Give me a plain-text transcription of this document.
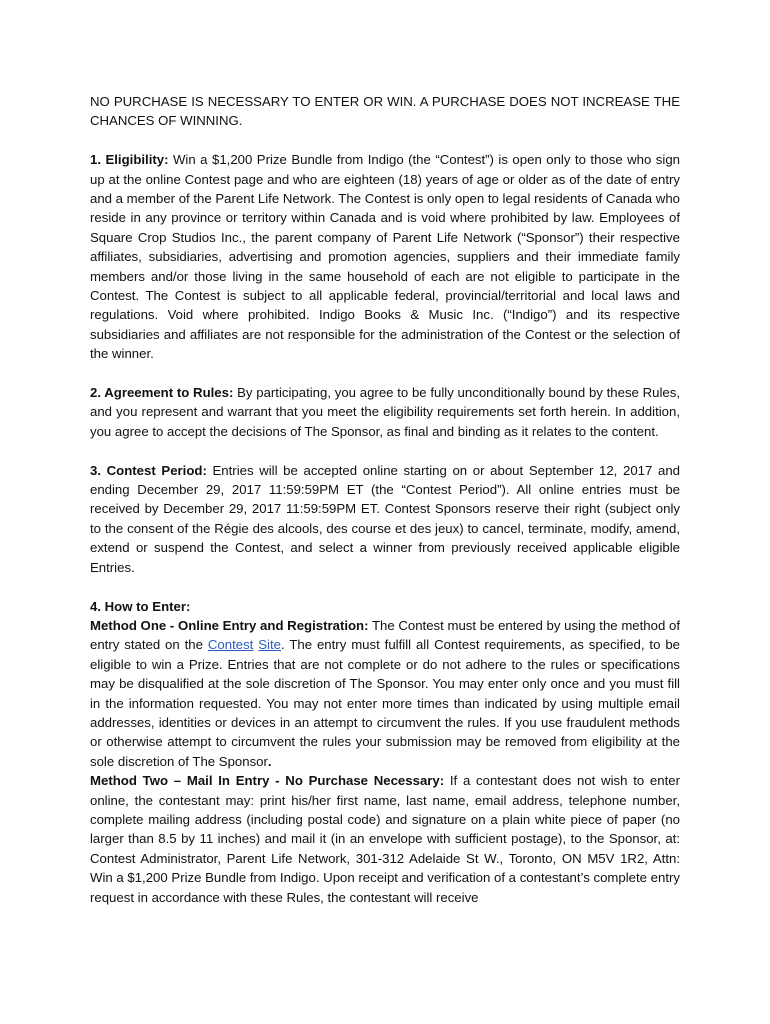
NO PURCHASE IS NECESSARY TO ENTER OR WIN. A PURCHASE DOES NOT INCREASE THE CHANCES OF WINNING.

1. Eligibility: Win a $1,200 Prize Bundle from Indigo (the “Contest”) is open only to those who sign up at the online Contest page and who are eighteen (18) years of age or older as of the date of entry and a member of the Parent Life Network. The Contest is only open to legal residents of Canada who reside in any province or territory within Canada and is void where prohibited by law. Employees of Square Crop Studios Inc., the parent company of Parent Life Network (“Sponsor”) their respective affiliates, subsidiaries, advertising and promotion agencies, suppliers and their immediate family members and/or those living in the same household of each are not eligible to participate in the Contest. The Contest is subject to all applicable federal, provincial/territorial and local laws and regulations. Void where prohibited. Indigo Books & Music Inc. (“Indigo”) and its respective subsidiaries and affiliates are not responsible for the administration of the Contest or the selection of the winner.

2. Agreement to Rules: By participating, you agree to be fully unconditionally bound by these Rules, and you represent and warrant that you meet the eligibility requirements set forth herein. In addition, you agree to accept the decisions of The Sponsor, as final and binding as it relates to the content.

3. Contest Period: Entries will be accepted online starting on or about September 12, 2017 and ending December 29, 2017 11:59:59PM ET (the “Contest Period”). All online entries must be received by December 29, 2017 11:59:59PM ET. Contest Sponsors reserve their right (subject only to the consent of the Régie des alcools, des course et des jeux) to cancel, terminate, modify, amend, extend or suspend the Contest, and select a winner from previously received applicable eligible Entries.

4. How to Enter:

Method One - Online Entry and Registration: The Contest must be entered by using the method of entry stated on the Contest Site. The entry must fulfill all Contest requirements, as specified, to be eligible to win a Prize. Entries that are not complete or do not adhere to the rules or specifications may be disqualified at the sole discretion of The Sponsor. You may enter only once and you must fill in the information requested. You may not enter more times than indicated by using multiple email addresses, identities or devices in an attempt to circumvent the rules. If you use fraudulent methods or otherwise attempt to circumvent the rules your submission may be removed from eligibility at the sole discretion of The Sponsor.

Method Two – Mail In Entry - No Purchase Necessary: If a contestant does not wish to enter online, the contestant may: print his/her first name, last name, email address, telephone number, complete mailing address (including postal code) and signature on a plain white piece of paper (no larger than 8.5 by 11 inches) and mail it (in an envelope with sufficient postage), to the Sponsor, at: Contest Administrator, Parent Life Network, 301-312 Adelaide St W., Toronto, ON M5V 1R2, Attn: Win a $1,200 Prize Bundle from Indigo. Upon receipt and verification of a contestant’s complete entry request in accordance with these Rules, the contestant will receive
